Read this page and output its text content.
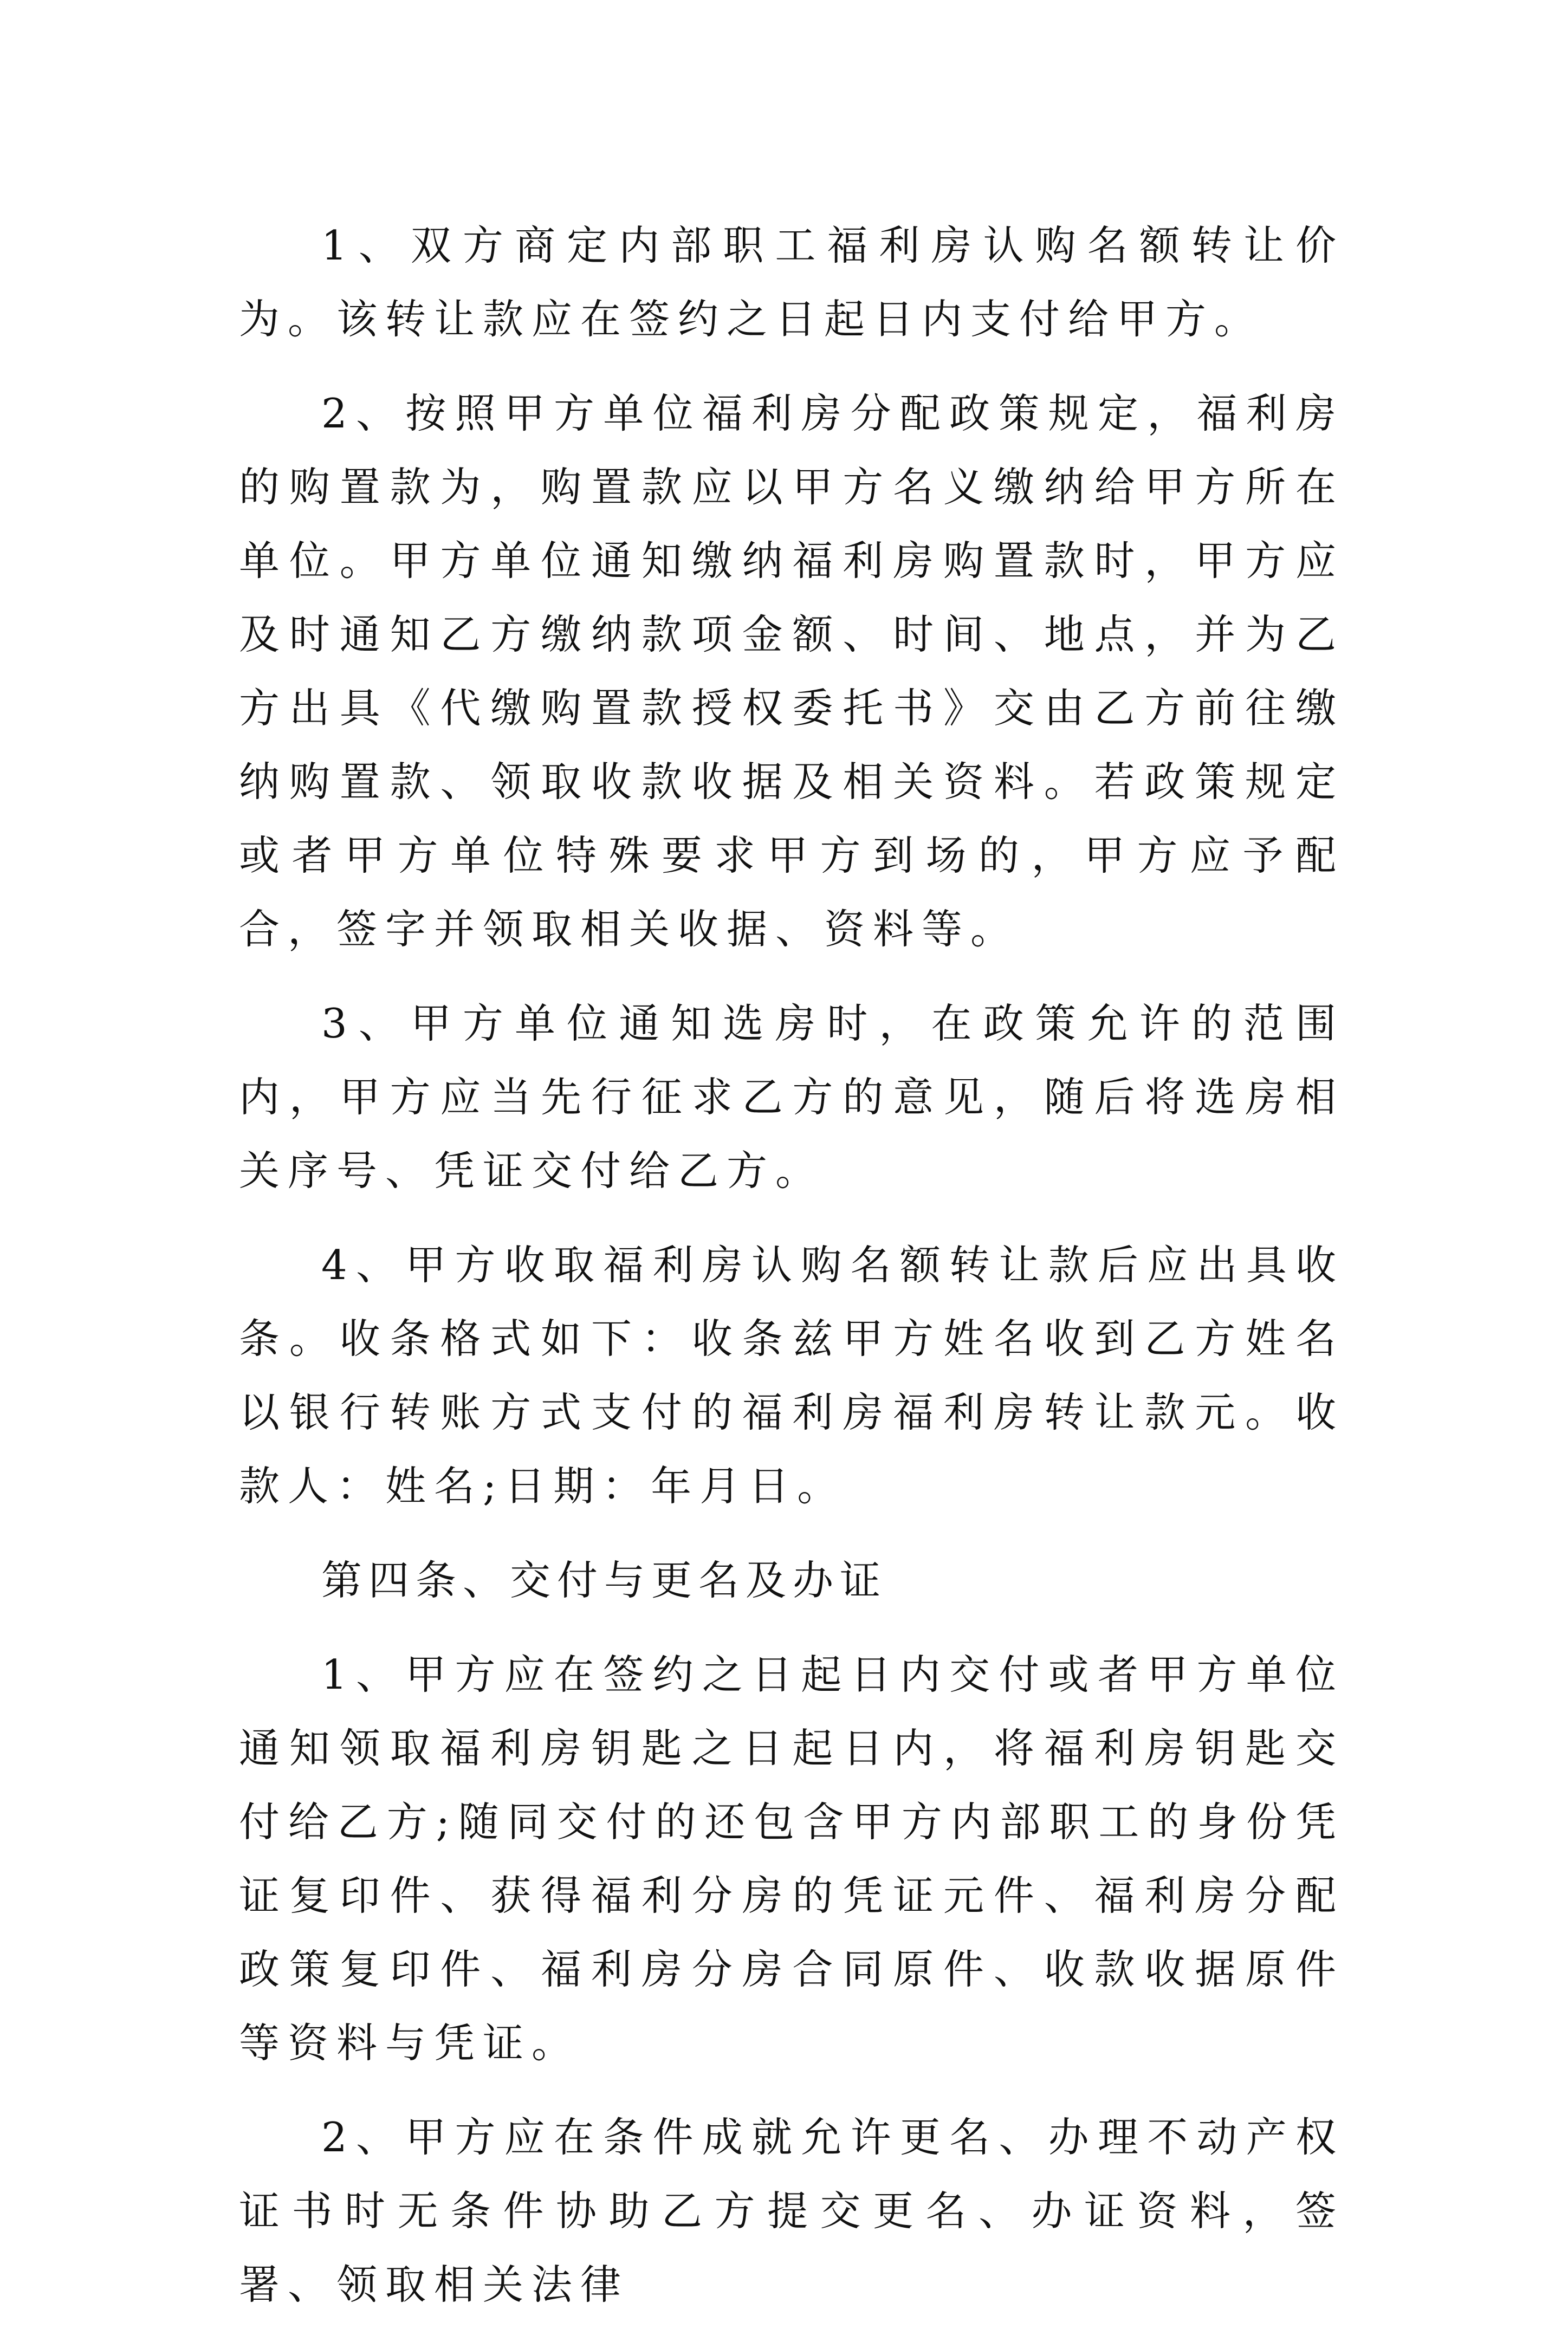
1、双方商定内部职工福利房认购名额转让价为。该转让款应在签约之日起日内支付给甲方。

2、按照甲方单位福利房分配政策规定，福利房的购置款为，购置款应以甲方名义缴纳给甲方所在单位。甲方单位通知缴纳福利房购置款时，甲方应及时通知乙方缴纳款项金额、时间、地点，并为乙方出具《代缴购置款授权委托书》交由乙方前往缴纳购置款、领取收款收据及相关资料。若政策规定或者甲方单位特殊要求甲方到场的，甲方应予配合，签字并领取相关收据、资料等。

3、甲方单位通知选房时，在政策允许的范围内，甲方应当先行征求乙方的意见，随后将选房相关序号、凭证交付给乙方。

4、甲方收取福利房认购名额转让款后应出具收条。收条格式如下：收条兹甲方姓名收到乙方姓名以银行转账方式支付的福利房福利房转让款元。收款人：姓名;日期：年月日。

第四条、交付与更名及办证

1、甲方应在签约之日起日内交付或者甲方单位通知领取福利房钥匙之日起日内，将福利房钥匙交付给乙方;随同交付的还包含甲方内部职工的身份凭证复印件、获得福利分房的凭证元件、福利房分配政策复印件、福利房分房合同原件、收款收据原件等资料与凭证。

2、甲方应在条件成就允许更名、办理不动产权证书时无条件协助乙方提交更名、办证资料，签署、领取相关法律
